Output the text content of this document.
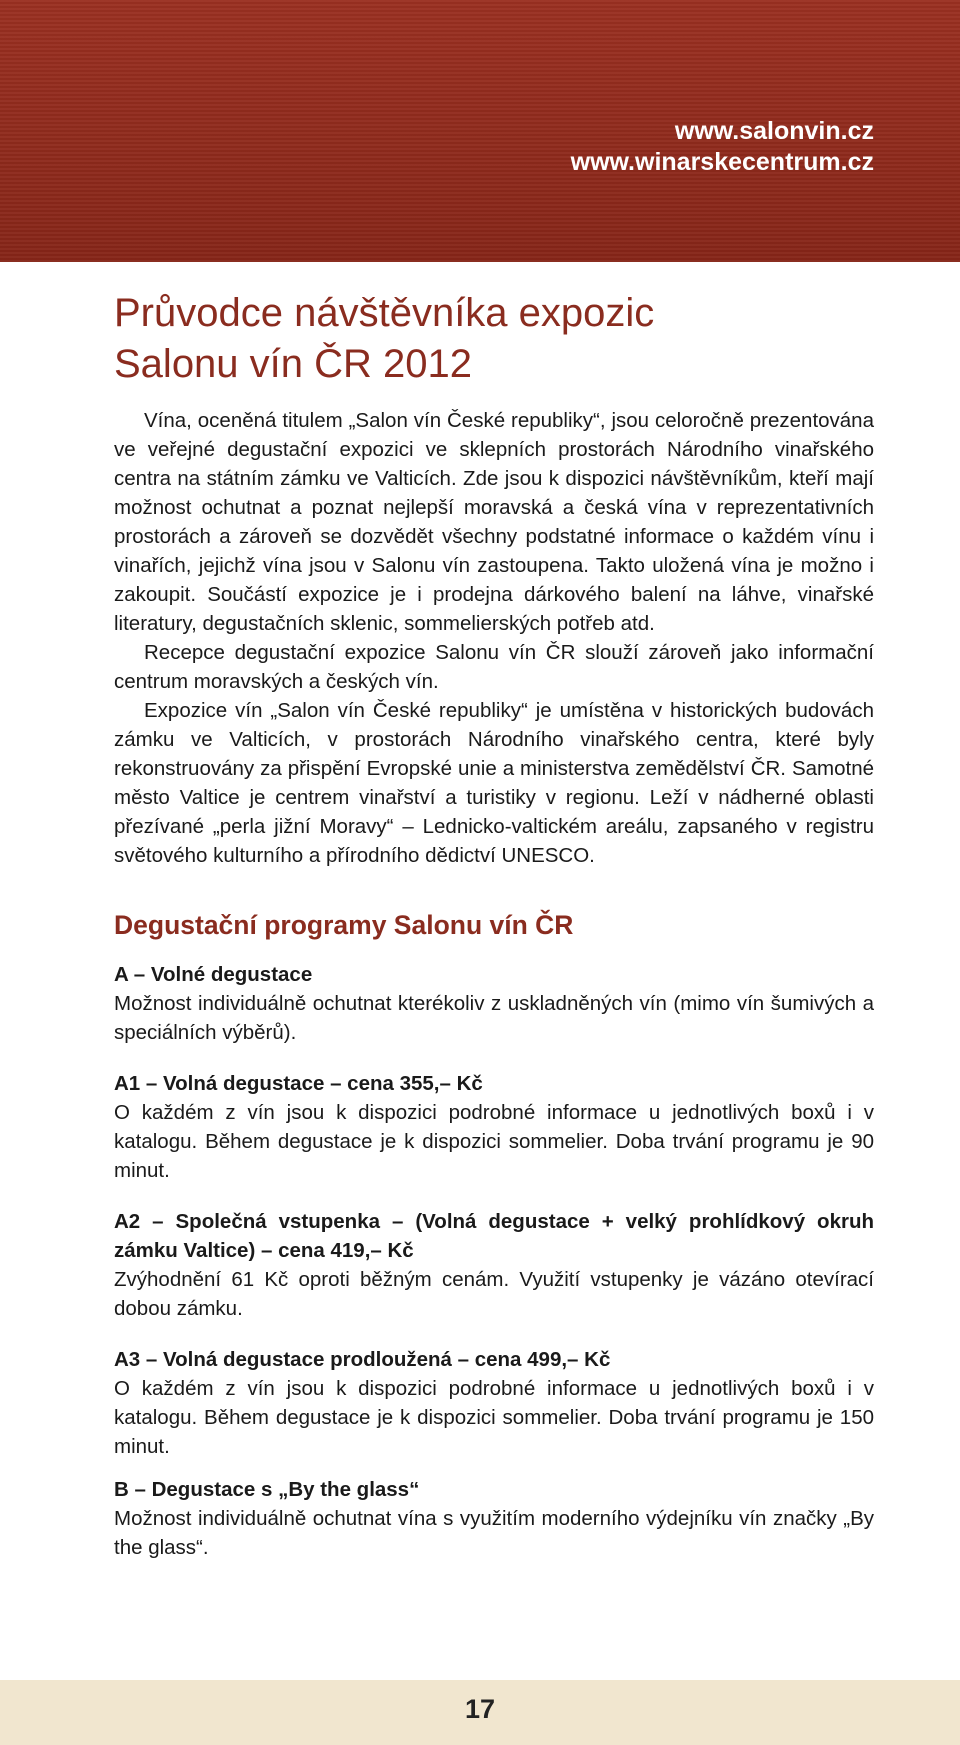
www.salonvin.cz
www.winarskecentrum.cz
Průvodce návštěvníka expozic
Salonu vín ČR 2012

Vína, oceněná titulem „Salon vín České republiky“, jsou celoročně prezentována ve veřejné degustační expozici ve sklepních prostorách Národního vinařského centra na státním zámku ve Valticích. Zde jsou k dispozici návštěvníkům, kteří mají možnost ochutnat a poznat nejlepší moravská a česká vína v reprezentativních prostorách a zároveň se dozvědět všechny podstatné informace o každém vínu i vinařích, jejichž vína jsou v Salonu vín zastoupena. Takto uložená vína je možno i zakoupit. Součástí expozice je i prodejna dárkového balení na láhve, vinařské literatury, degustačních sklenic, sommelierských potřeb atd.

Recepce degustační expozice Salonu vín ČR slouží zároveň jako informační centrum moravských a českých vín.

Expozice vín „Salon vín České republiky“ je umístěna v historických budovách zámku ve Valticích, v prostorách Národního vinařského centra, které byly rekonstruovány za přispění Evropské unie a ministerstva zemědělství ČR. Samotné město Valtice je centrem vinařství a turistiky v regionu. Leží v nádherné oblasti přezívané „perla jižní Moravy“ – Lednicko-valtickém areálu, zapsaného v registru světového kulturního a přírodního dědictví UNESCO.

Degustační programy Salonu vín ČR
A – Volné degustace
Možnost individuálně ochutnat kterékoliv z uskladněných vín (mimo vín šumivých a speciálních výběrů).
A1 – Volná degustace – cena 355,– Kč
O každém z vín jsou k dispozici podrobné informace u jednotlivých boxů i v katalogu. Během degustace je k dispozici sommelier. Doba trvání programu je 90 minut.
A2 – Společná vstupenka – (Volná degustace + velký prohlídkový okruh zámku Valtice) – cena 419,– Kč
Zvýhodnění 61 Kč oproti běžným cenám. Využití vstupenky je vázáno otevírací dobou zámku.
A3 – Volná degustace prodloužená – cena 499,– Kč
O každém z vín jsou k dispozici podrobné informace u jednotlivých boxů i v katalogu. Během degustace je k dispozici sommelier. Doba trvání programu je 150 minut.
B – Degustace s „By the glass“
Možnost individuálně ochutnat vína s využitím moderního výdejníku vín značky „By the glass“.
17
